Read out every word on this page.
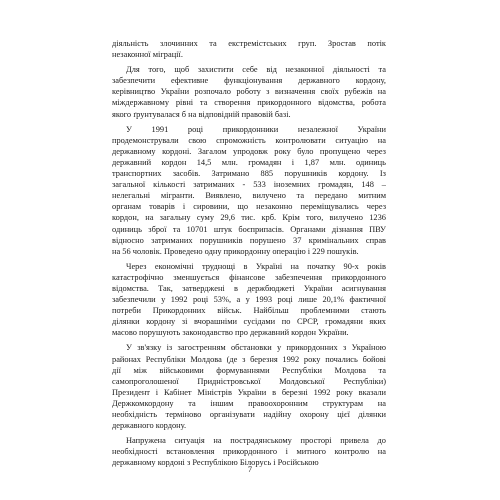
діяльність злочинних та екстремістських груп. Зростав потік
незаконної міграції.
Для того, щоб захистити себе від незаконної діяльності та
забезпечити ефективне функціонування державного кордону,
керівництво України розпочало роботу з визначення своїх рубежів на
міждержавному рівні та створення прикордонного відомства, робота
якого ґрунтувалася б на відповідній правовій базі.
У 1991 році прикордонники незалежної України
продемонстрували свою спроможність контролювати ситуацію на
державному кордоні. Загалом упродовж року було пропущено через
державний кордон 14,5 млн. громадян і 1,87 млн. одиниць
транспортних засобів. Затримано 885 порушників кордону. Із
загальної кількості затриманих - 533 іноземних громадян, 148 –
нелегальні мігранти. Виявлено, вилучено та передано митним
органам товарів і сировини, що незаконно переміщувались через
кордон, на загальну суму 29,6 тис. крб. Крім того, вилучено 1236
одиниць зброї та 10701 штук боєприпасів. Органами дізнання ПВУ
відносно затриманих порушників порушено 37 кримінальних справ
на 56 чоловік. Проведено одну прикордонну операцію і 229 пошуків.
Через економічні труднощі в Україні на початку 90-х років
катастрофічно зменшується фінансове забезпечення прикордонного
відомства. Так, затверджені в держбюджеті України асигнування
забезпечили у 1992 році 53%, а у 1993 році лише 20,1% фактичної
потреби Прикордонних військ. Найбільш проблемними стають
ділянки кордону зі вчорашніми сусідами по СРСР, громадяни яких
масово порушують законодавство про державний кордон України.
У зв'язку із загостренням обстановки у прикордонних з Україною
районах Республіки Молдова (де з березня 1992 року почались бойові
дії між військовими формуваннями Республіки Молдова та
самопроголошеної Придністровської Молдовської Республіки)
Президент і Кабінет Міністрів України в березні 1992 року вказали
Держкомкордону та іншим правоохоронним структурам на
необхідність терміново організувати надійну охорону цієї ділянки
державного кордону.
Напружена ситуація на пострадянському просторі привела до
необхідності встановлення прикордонного і митного контролю на
державному кордоні з Республікою Білорусь і Російською
7
